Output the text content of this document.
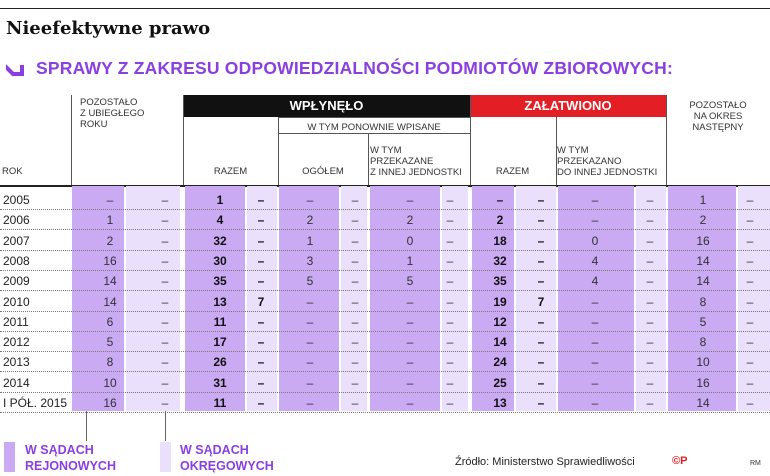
Nieefektywne prawo
SPRAWY Z ZAKRESU ODPOWIEDZIALNOŚCI PODMIOTÓW ZBIOROWYCH:
ROK
POZOSTAŁO
Z UBIEGŁEGO
ROKU
WPŁYNĘŁO	ZAŁATWIONO	POZOSTAŁO
NA OKRES
NASTĘPNY
W TYM PONOWNIE WPISANE
RAZEM	OGÓŁEM
W TYM
PRZEKAZANE
Z INNEJ JEDNOSTKI	RAZEM
W TYM
PRZEKAZANO
DO INNEJ JEDNOSTKI
2005	–	–	1	–	–	–	–	–	–	–	–	–	1	–
2006	1	–	4	–	2	–	2	–	2	–	–	–	2	–
2007	2	–	32	–	1	–	0	–	18	–	0	–	16	–
2008	16	–	30	–	3	–	1	–	32	–	4	–	14	–
2009	14	–	35	–	5	–	5	–	35	–	4	–	14	–
2010	14	–	13	7	–	–	–	–	19	7	–	–	8	–
2011	6	–	11	–	–	–	–	–	12	–	–	–	5	–
2012	5	–	17	–	–	–	–	–	14	–	–	–	8	–
2013	8	–	26	–	–	–	–	–	24	–	–	–	10	–
2014	10	–	31	–	–	–	–	–	25	–	–	–	16	–
I PÓŁ. 2015	16	–	11	–	–	–	–	–	13	–	–	–	14	–
W SĄDACH
REJONOWYCH
W SĄDACH
OKRĘGOWYCH	Źródło: Ministerstwo Sprawiedliwości	©P	RM
